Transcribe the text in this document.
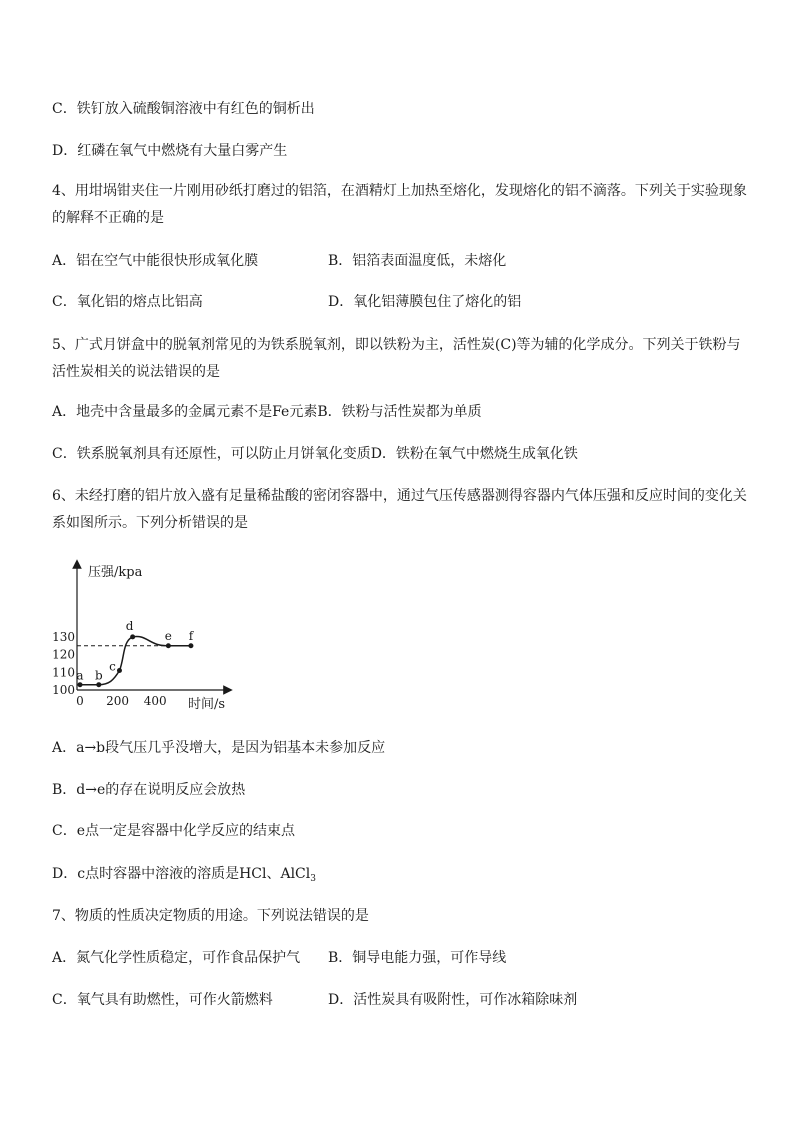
C．铁钉放入硫酸铜溶液中有红色的铜析出
D．红磷在氧气中燃烧有大量白雾产生
4、用坩埚钳夹住一片刚用砂纸打磨过的铝箔，在酒精灯上加热至熔化，发现熔化的铝不滴落。下列关于实验现象的解释不正确的是
A．铝在空气中能很快形成氧化膜	B．铝箔表面温度低，未熔化
C．氧化铝的熔点比铝高	D．氧化铝薄膜包住了熔化的铝
5、广式月饼盒中的脱氧剂常见的为铁系脱氧剂，即以铁粉为主，活性炭(C)等为辅的化学成分。下列关于铁粉与活性炭相关的说法错误的是
A．地壳中含量最多的金属元素不是Fe元素B．铁粉与活性炭都为单质
C．铁系脱氧剂具有还原性，可以防止月饼氧化变质D．铁粉在氧气中燃烧生成氧化铁
6、未经打磨的铝片放入盛有足量稀盐酸的密闭容器中，通过气压传感器测得容器内气体压强和反应时间的变化关系如图所示。下列分析错误的是
压强/kpa
时间/s
0 200 400
100
110
120
130
a b
c
d
e f
A．a→b段气压几乎没增大，是因为铝基本未参加反应
B．d→e的存在说明反应会放热
C．e点一定是容器中化学反应的结束点
D．c点时容器中溶液的溶质是HCl、AlCl$_3$
7、物质的性质决定物质的用途。下列说法错误的是
A．氮气化学性质稳定，可作食品保护气 B．铜导电能力强，可作导线
C．氧气具有助燃性，可作火箭燃料	D．活性炭具有吸附性，可作冰箱除味剂
